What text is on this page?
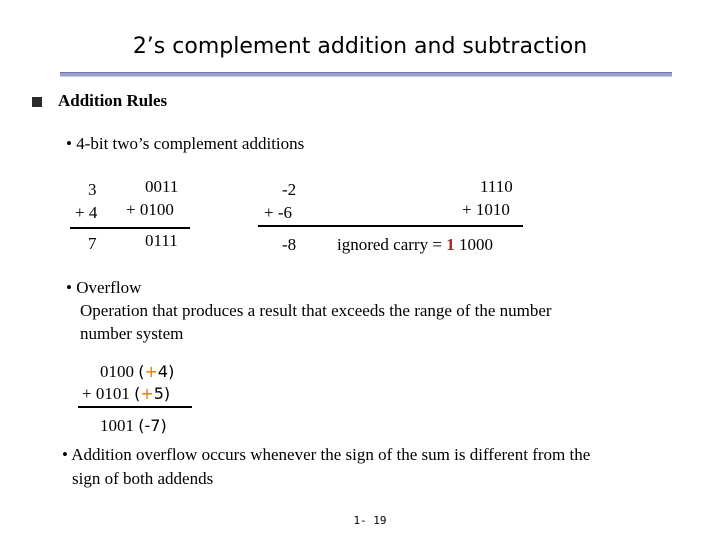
2’s complement addition and subtraction
Addition Rules
• 4-bit two’s complement additions
3
+ 4
0011
+ 0100
7	0111
-2
+ -6
1110
+ 1010
-8 ignored carry = 1 1000
• Overflow
Operation that produces a result that exceeds the range of the number
number system
0100 (+4)
+ 0101 (+5)
1001 (-7)
• Addition overflow occurs whenever the sign of the sum is different from the
sign of both addends
1- 19
